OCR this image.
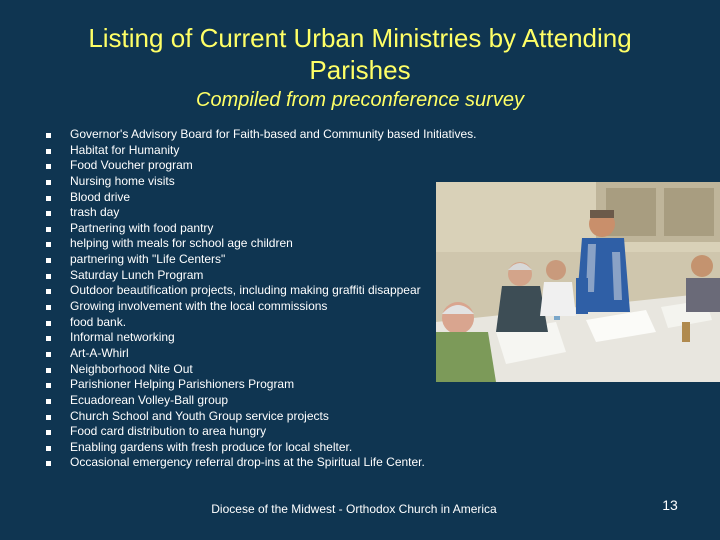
Listing of Current Urban Ministries by Attending Parishes
Compiled from preconference survey
Governor's Advisory Board for Faith-based and Community based Initiatives.
Habitat for Humanity
Food Voucher program
Nursing home visits
Blood drive
trash day
Partnering with food pantry
helping with meals for school age children
partnering with "Life Centers"
Saturday Lunch Program
Outdoor beautification projects, including making graffiti disappear
Growing involvement with the local commissions
food bank.
Informal networking
Art-A-Whirl
Neighborhood Nite Out
Parishioner Helping Parishioners Program
Ecuadorean Volley-Ball group
Church School and Youth Group service projects
Food card distribution to area hungry
Enabling gardens with fresh produce for local shelter.
Occasional emergency referral drop-ins at the Spiritual Life Center.
Diocese of the Midwest - Orthodox Church in America	13
